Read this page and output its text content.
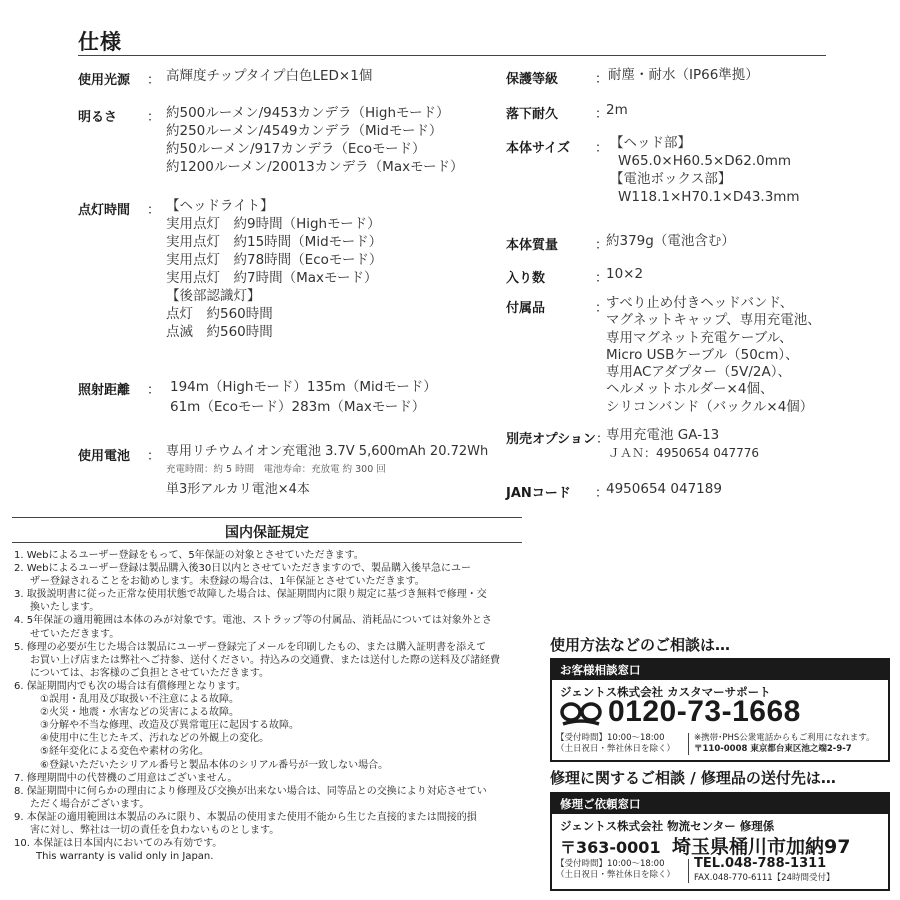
仕様
使用光源 ： 高輝度チップタイプ白色LED×1個
明るさ ： 約500ルーメン/9453カンデラ（Highモード）
約250ルーメン/4549カンデラ（Midモード）
約50ルーメン/917カンデラ（Ecoモード）
約1200ルーメン/20013カンデラ（Maxモード）
点灯時間 ： 【ヘッドライト】
実用点灯　約9時間（Highモード）
実用点灯　約15時間（Midモード）
実用点灯　約78時間（Ecoモード）
実用点灯　約7時間（Maxモード）
【後部認識灯】
点灯　約560時間
点滅　約560時間
照射距離 ： 194m（Highモード）135m（Midモード）
61m（Ecoモード）283m（Maxモード）
使用電池 ： 専用リチウムイオン充電池 3.7V 5,600mAh 20.72Wh
充電時間：約 5 時間　電池寿命：充放電 約 300 回
単3形アルカリ電池×4本
保護等級	： 耐塵・耐水（IP66準拠）
落下耐久	：
2m
本体サイズ ： 【ヘッド部】
W65.0×H60.5×D62.0mm
【電池ボックス部】
W118.1×H70.1×D43.3mm
本体質量	：
約379g（電池含む）
入り数	：
10×2
付属品	：
すべり止め付きヘッドバンド、
マグネットキャップ、専用充電池、
専用マグネット充電ケーブル、
Micro USBケーブル（50cm）、
専用ACアダプター（5V/2A）、
ヘルメットホルダー×4個、
シリコンバンド（バックル×4個）
別売オプション ：
専用充電池 GA-13
ＪＡＮ：4950654 047776
JANコード ：
4950654 047189
国内保証規定
1. Webによるユーザー登録をもって、5年保証の対象とさせていただきます。
2. Webによるユーザー登録は製品購入後30日以内とさせていただきますので、製品購入後早急にユー
ザー登録されることをお勧めします。未登録の場合は、1年保証とさせていただきます。
3. 取扱説明書に従った正常な使用状態で故障した場合は、保証期間内に限り規定に基づき無料で修理・交
換いたします。
4. 5年保証の適用範囲は本体のみが対象です。電池、ストラップ等の付属品、消耗品については対象外とさ
せていただきます。
5. 修理の必要が生じた場合は製品にユーザー登録完了メールを印刷したもの、または購入証明書を添えて
お買い上げ店または弊社へご持参、送付ください。持込みの交通費、または送付した際の送料及び諸経費
については、お客様のご負担とさせていただきます。
6. 保証期間内でも次の場合は有償修理となります。
①誤用・乱用及び取扱い不注意による故障。
②火災・地震・水害などの災害による故障。
③分解や不当な修理、改造及び異常電圧に起因する故障。
④使用中に生じたキズ、汚れなどの外観上の変化。
⑤経年変化による変色や素材の劣化。
⑥登録いただいたシリアル番号と製品本体のシリアル番号が一致しない場合。
7. 修理期間中の代替機のご用意はございません。
8. 保証期間中に何らかの理由により修理及び交換が出来ない場合は、同等品との交換により対応させてい
ただく場合がございます。
9. 本保証の適用範囲は本製品のみに限り、本製品の使用また使用不能から生じた直接的または間接的損
害に対し、弊社は一切の責任を負わないものとします。
10. 本保証は日本国内においてのみ有効です。
This warranty is valid only in Japan.
使用方法などのご相談は…
お客様相談窓口
ジェントス株式会社 カスタマーサポート
0120-73-1668
【受付時間】10:00〜18:00
（土日祝日・弊社休日を除く）
※携帯･PHS公衆電話からもご利用になれます。
〒110-0008 東京都台東区池之端2-9-7
修理に関するご相談 / 修理品の送付先は…
修理ご依頼窓口
ジェントス株式会社 物流センター 修理係
〒363-0001 埼玉県桶川市加納97
【受付時間】10:00〜18:00
（土日祝日・弊社休日を除く）
TEL.048-788-1311
FAX.048-770-6111【24時間受付】
